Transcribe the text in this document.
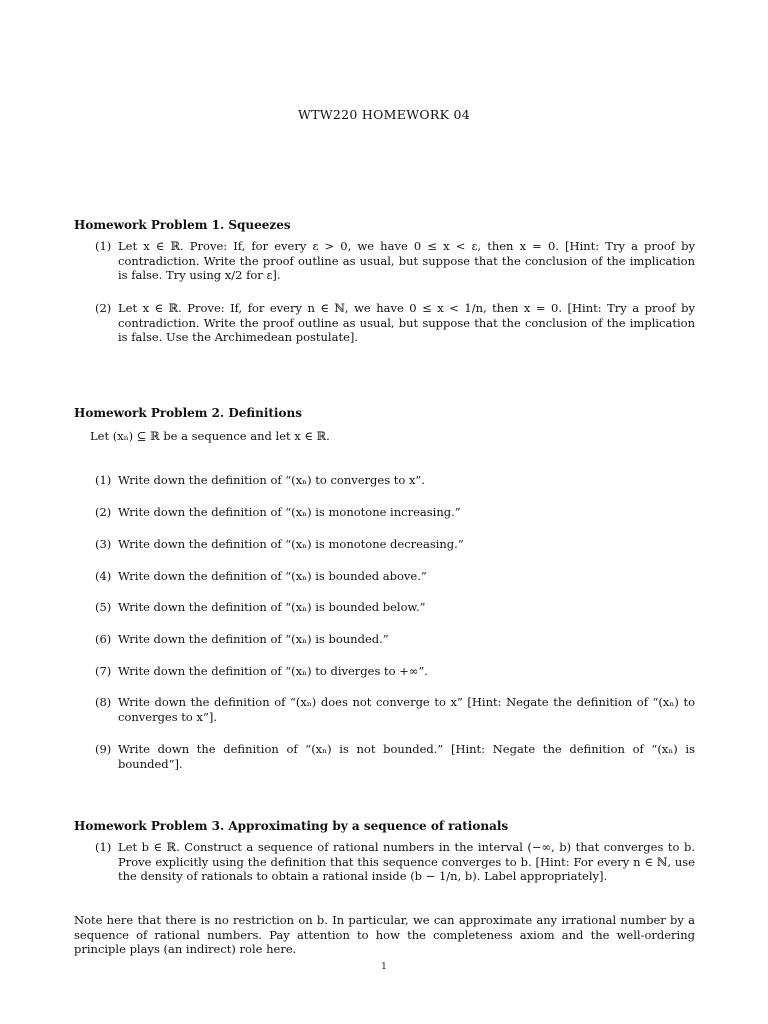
WTW220 HOMEWORK 04
Homework Problem 1. Squeezes
(1) Let x ∈ ℝ. Prove: If, for every ε > 0, we have 0 ≤ x < ε, then x = 0. [Hint: Try a proof by contradiction. Write the proof outline as usual, but suppose that the conclusion of the implication is false. Try using x/2 for ε].
(2) Let x ∈ ℝ. Prove: If, for every n ∈ ℕ, we have 0 ≤ x < 1/n, then x = 0. [Hint: Try a proof by contradiction. Write the proof outline as usual, but suppose that the conclusion of the implication is false. Use the Archimedean postulate].
Homework Problem 2. Definitions
Let (xₙ) ⊆ ℝ be a sequence and let x ∈ ℝ.
(1) Write down the definition of “(xₙ) to converges to x”.
(2) Write down the definition of “(xₙ) is monotone increasing.”
(3) Write down the definition of “(xₙ) is monotone decreasing.”
(4) Write down the definition of “(xₙ) is bounded above.”
(5) Write down the definition of “(xₙ) is bounded below.”
(6) Write down the definition of “(xₙ) is bounded.”
(7) Write down the definition of “(xₙ) to diverges to +∞”.
(8) Write down the definition of “(xₙ) does not converge to x” [Hint: Negate the definition of “(xₙ) to converges to x”].
(9) Write down the definition of “(xₙ) is not bounded.” [Hint: Negate the definition of “(xₙ) is bounded”].
Homework Problem 3. Approximating by a sequence of rationals
(1) Let b ∈ ℝ. Construct a sequence of rational numbers in the interval (−∞, b) that converges to b. Prove explicitly using the definition that this sequence converges to b. [Hint: For every n ∈ ℕ, use the density of rationals to obtain a rational inside (b − 1/n, b). Label appropriately].
Note here that there is no restriction on b. In particular, we can approximate any irrational number by a sequence of rational numbers. Pay attention to how the completeness axiom and the well-ordering principle plays (an indirect) role here.
1
